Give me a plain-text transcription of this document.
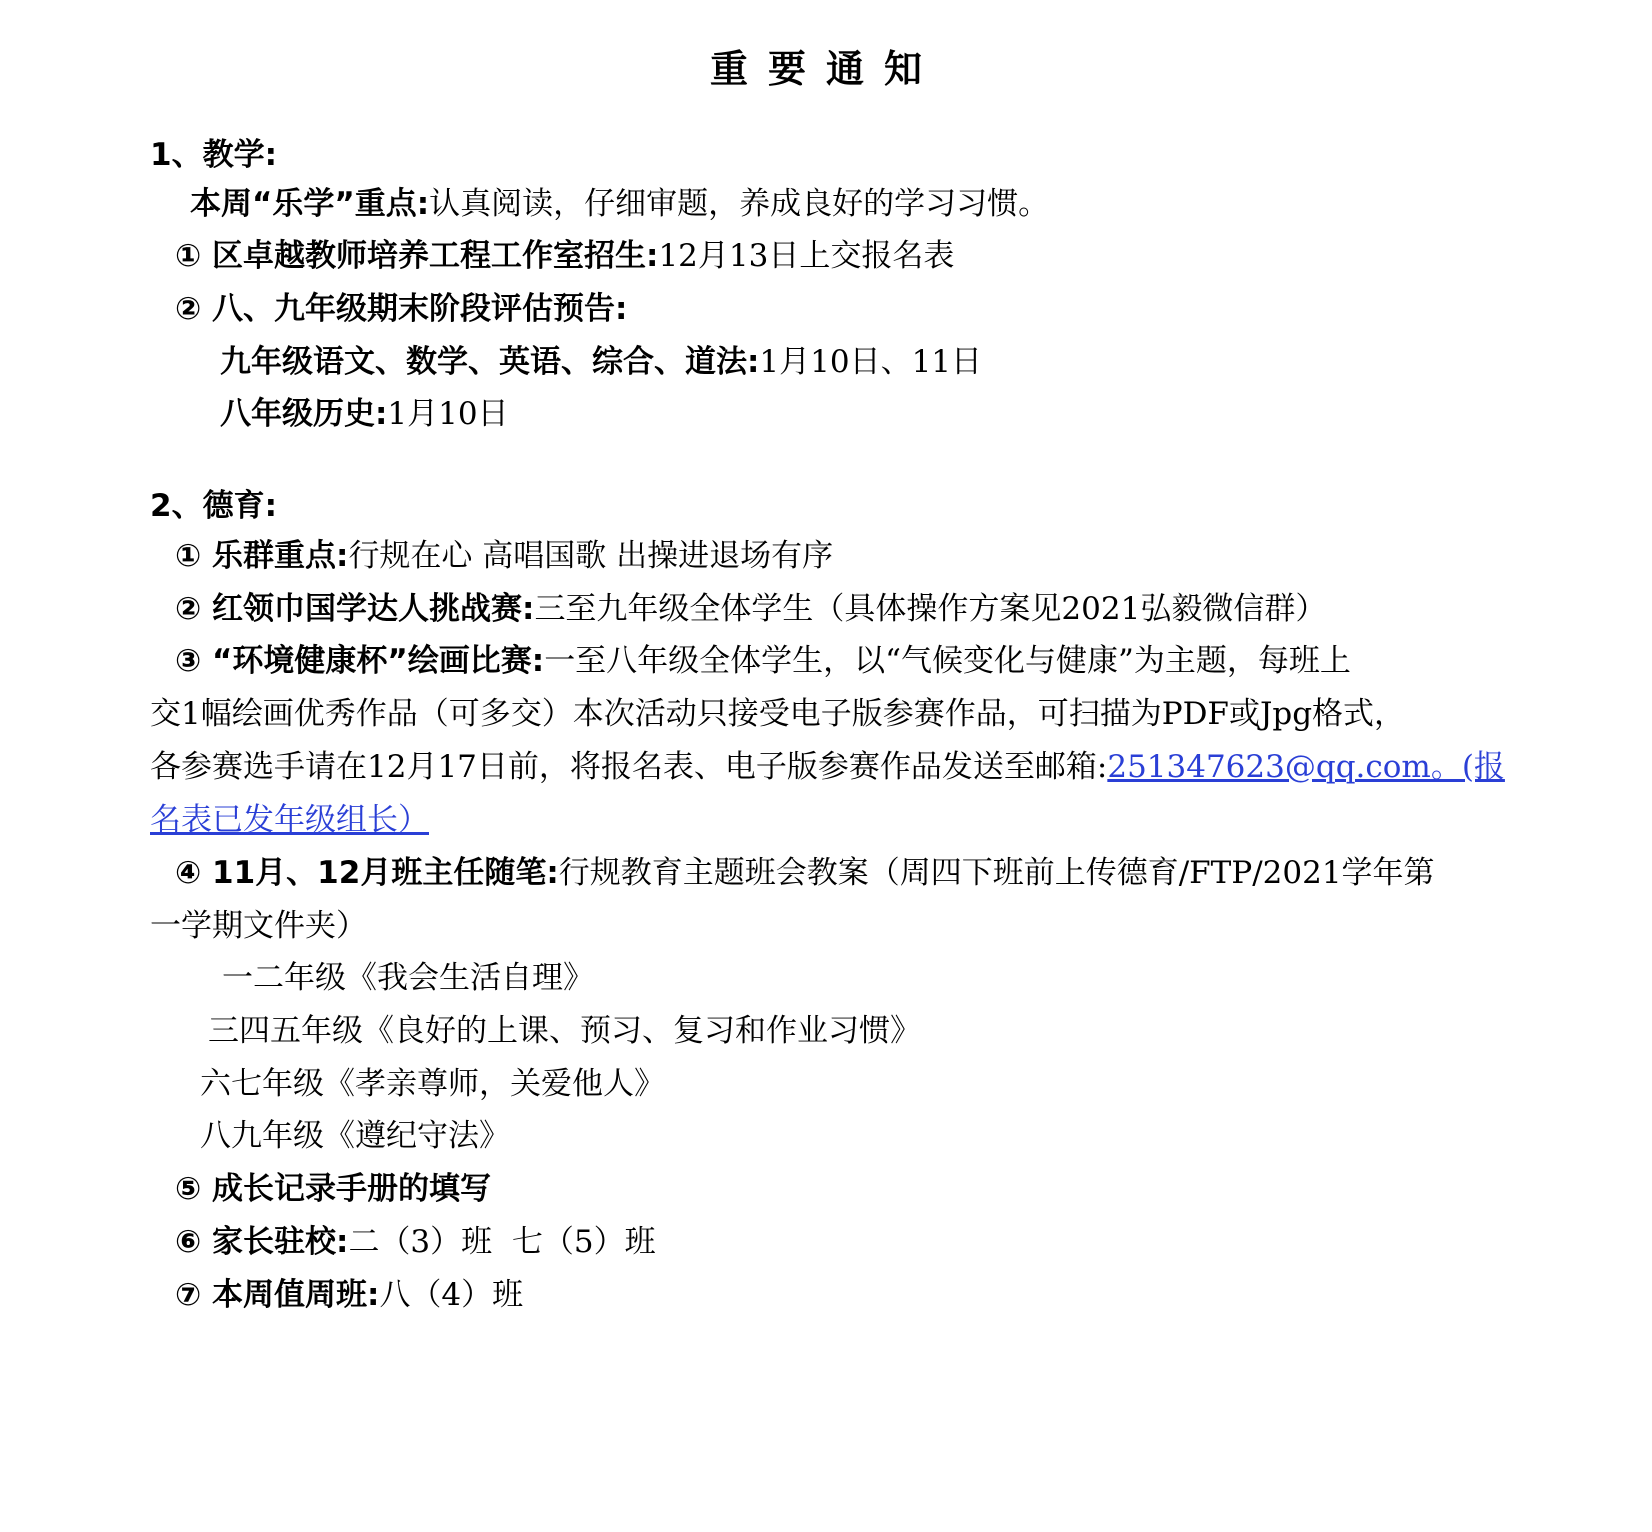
重要通知
1、教学:
本周“乐学”重点:认真阅读，仔细审题，养成良好的学习习惯。
① 区卓越教师培养工程工作室招生:12月13日上交报名表
② 八、九年级期末阶段评估预告:
九年级语文、数学、英语、综合、道法:1月10日、11日
八年级历史:1月10日
2、德育:
① 乐群重点:行规在心 高唱国歌 出操进退场有序
② 红领巾国学达人挑战赛:三至九年级全体学生（具体操作方案见2021弘毅微信群）
③ “环境健康杯”绘画比赛:一至八年级全体学生，以“气候变化与健康”为主题，每班上
交1幅绘画优秀作品（可多交）本次活动只接受电子版参赛作品，可扫描为PDF或Jpg格式，
各参赛选手请在12月17日前，将报名表、电子版参赛作品发送至邮箱:251347623@qq.com。(报
名表已发年级组长）
④ 11月、12月班主任随笔:行规教育主题班会教案（周四下班前上传德育/FTP/2021学年第
一学期文件夹）
一二年级《我会生活自理》
三四五年级《良好的上课、预习、复习和作业习惯》
六七年级《孝亲尊师，关爱他人》
八九年级《遵纪守法》
⑤ 成长记录手册的填写
⑥ 家长驻校:二（3）班  七（5）班
⑦ 本周值周班:八（4）班
